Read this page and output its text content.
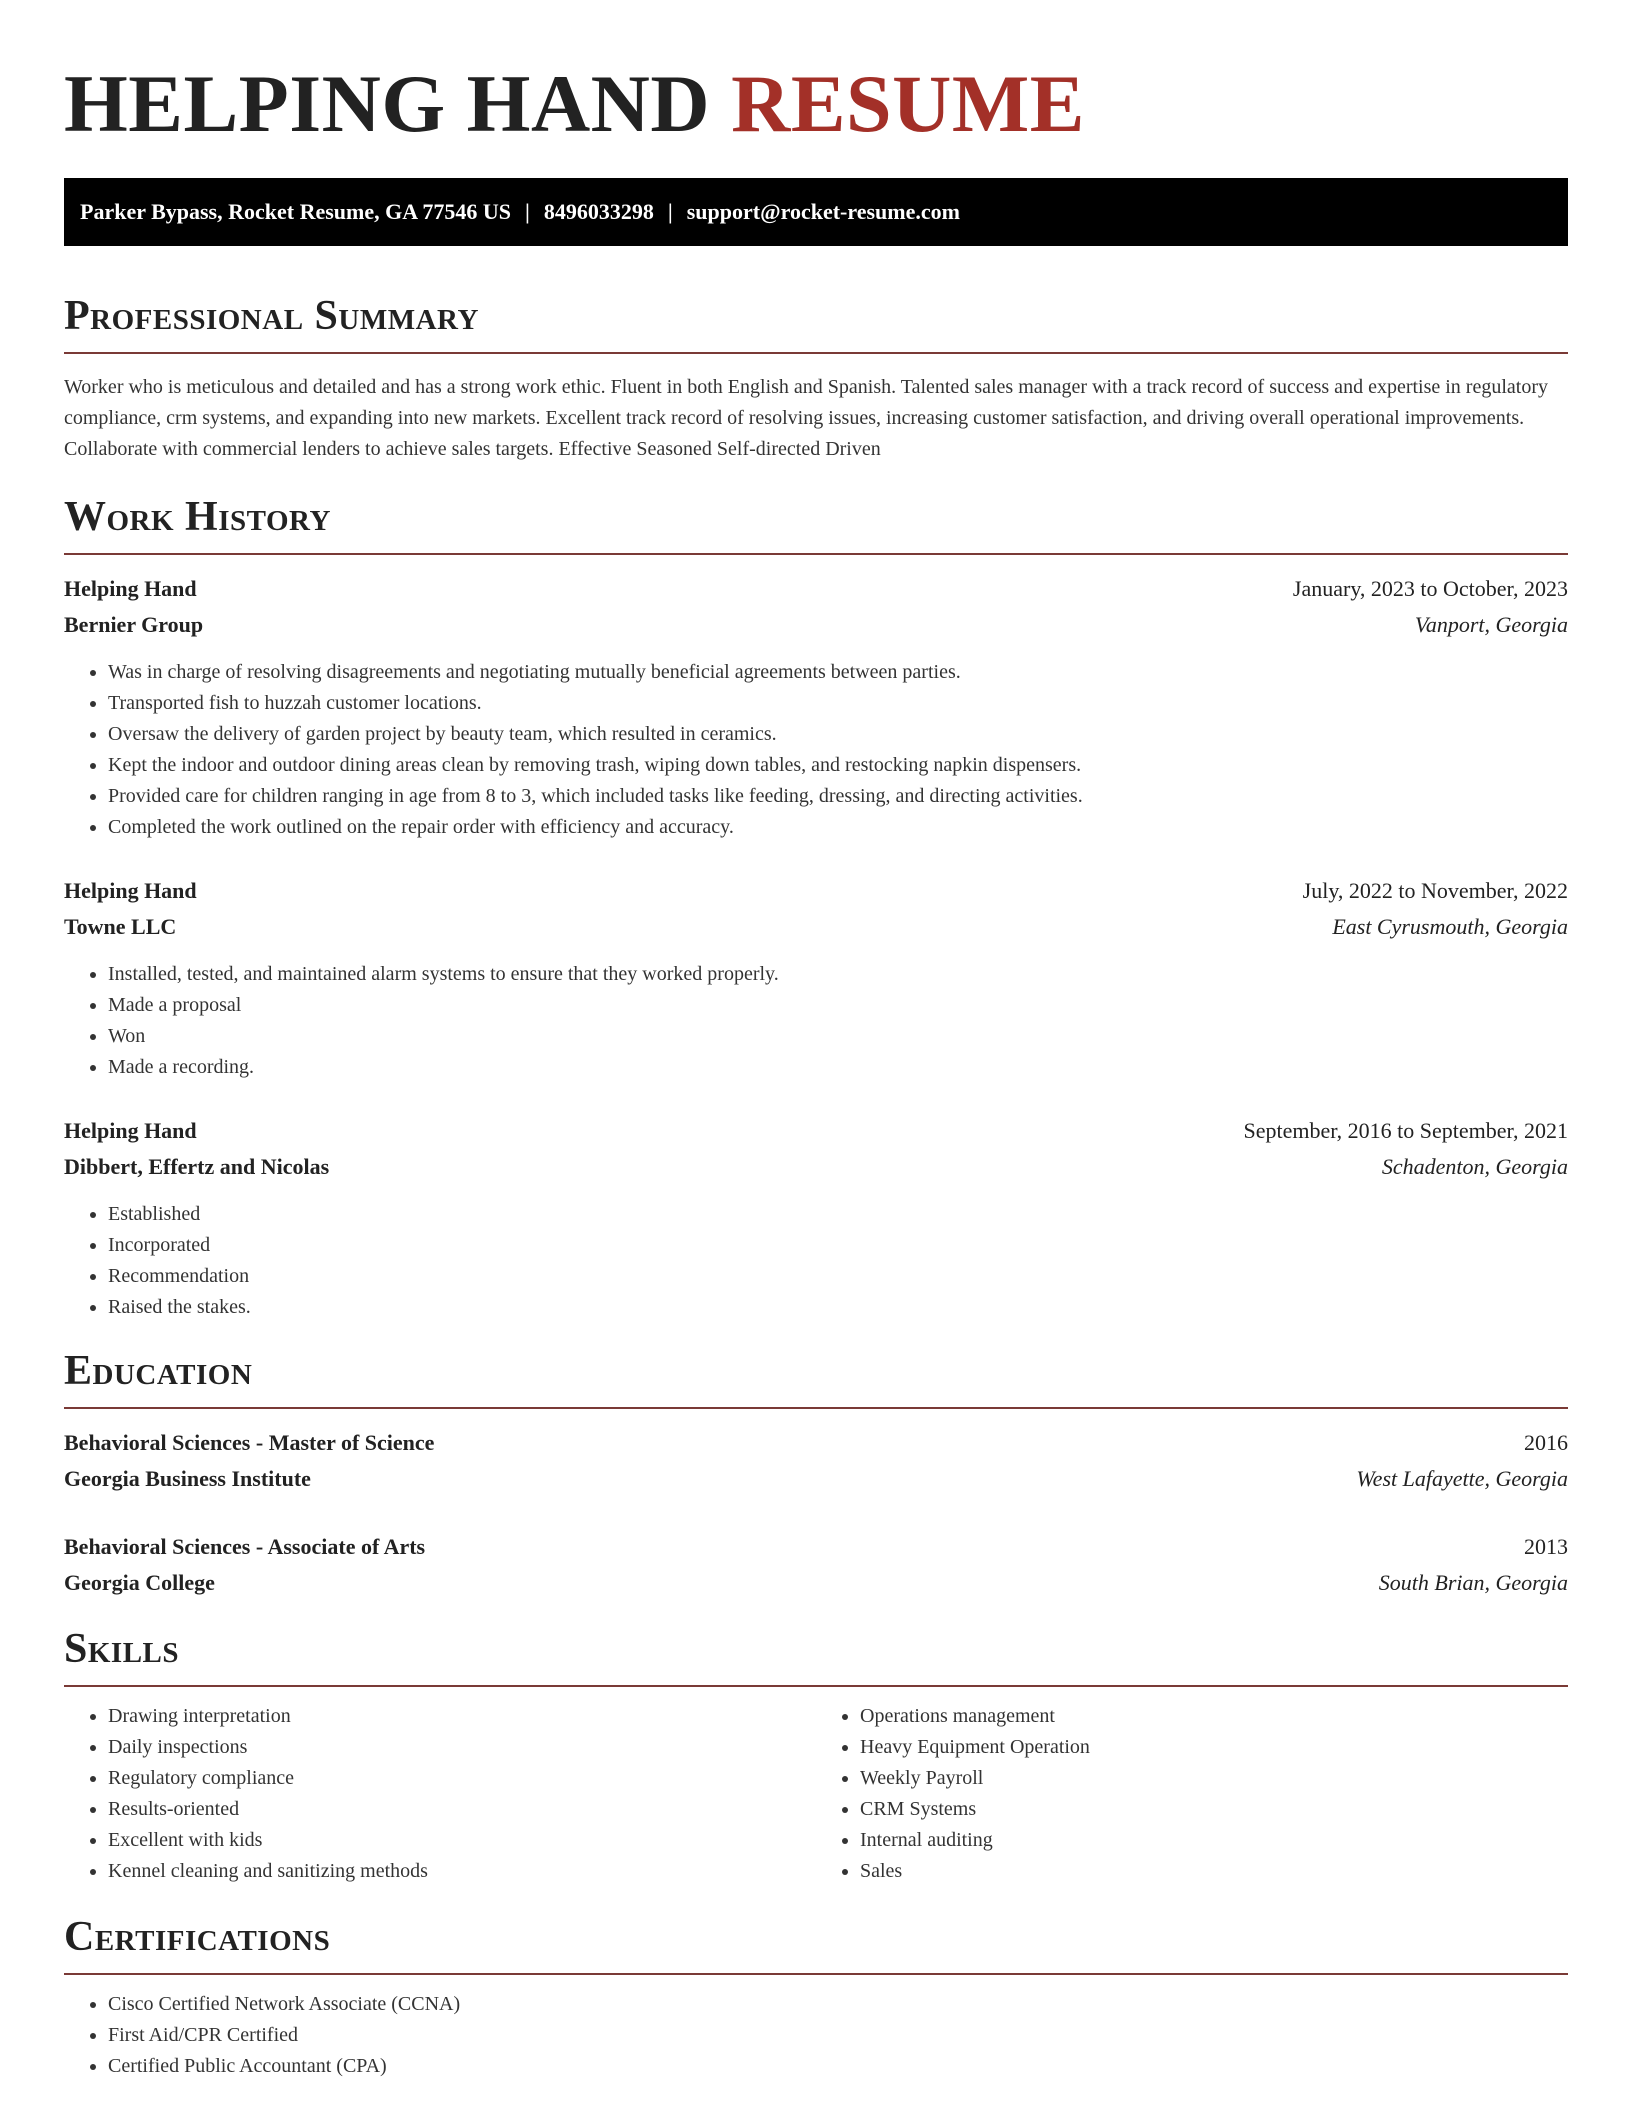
HELPING HAND RESUME
Parker Bypass, Rocket Resume, GA 77546 US | 8496033298 | support@rocket-resume.com
Professional Summary

Worker who is meticulous and detailed and has a strong work ethic. Fluent in both English and Spanish. Talented sales manager with a track record of success and expertise in regulatory compliance, crm systems, and expanding into new markets. Excellent track record of resolving issues, increasing customer satisfaction, and driving overall operational improvements. Collaborate with commercial lenders to achieve sales targets. Effective Seasoned Self-directed Driven

Work History
Helping Hand	January, 2023 to October, 2023
Bernier Group	Vanport, Georgia
• Was in charge of resolving disagreements and negotiating mutually beneficial agreements between parties.
• Transported fish to huzzah customer locations.
• Oversaw the delivery of garden project by beauty team, which resulted in ceramics.
• Kept the indoor and outdoor dining areas clean by removing trash, wiping down tables, and restocking napkin dispensers.
• Provided care for children ranging in age from 8 to 3, which included tasks like feeding, dressing, and directing activities.
• Completed the work outlined on the repair order with efficiency and accuracy.
Helping Hand	July, 2022 to November, 2022
Towne LLC	East Cyrusmouth, Georgia
• Installed, tested, and maintained alarm systems to ensure that they worked properly.
• Made a proposal
• Won
• Made a recording.
Helping Hand	September, 2016 to September, 2021
Dibbert, Effertz and Nicolas	Schadenton, Georgia
• Established
• Incorporated
• Recommendation
• Raised the stakes.
Education
Behavioral Sciences - Master of Science	2016
Georgia Business Institute	West Lafayette, Georgia
Behavioral Sciences - Associate of Arts	2013
Georgia College	South Brian, Georgia
Skills
• Drawing interpretation
• Daily inspections
• Regulatory compliance
• Results-oriented
• Excellent with kids
• Kennel cleaning and sanitizing methods
• Operations management
• Heavy Equipment Operation
• Weekly Payroll
• CRM Systems
• Internal auditing
• Sales
Certifications
• Cisco Certified Network Associate (CCNA)
• First Aid/CPR Certified
• Certified Public Accountant (CPA)
